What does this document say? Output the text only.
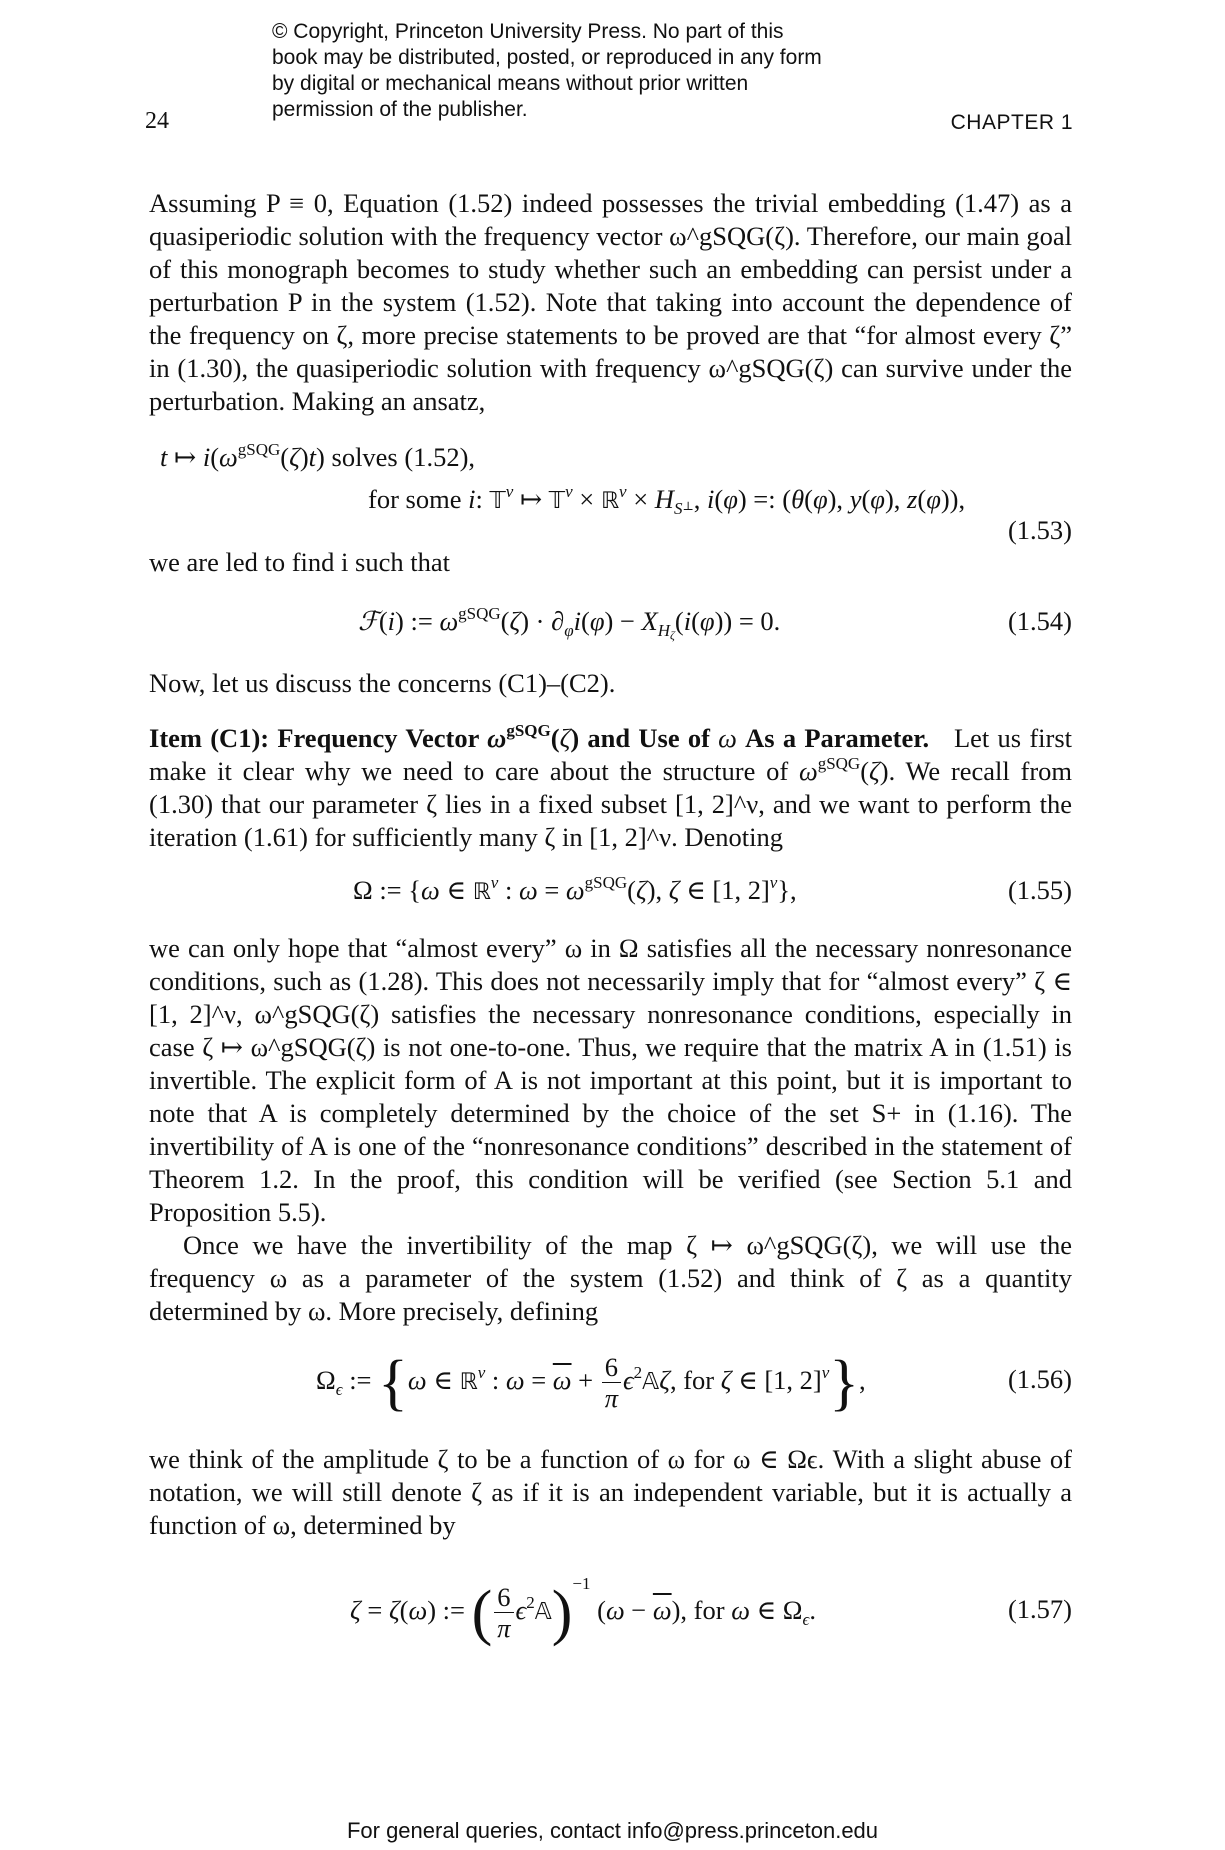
© Copyright, Princeton University Press. No part of this book may be distributed, posted, or reproduced in any form by digital or mechanical means without prior written permission of the publisher.
24	CHAPTER 1
Assuming P ≡ 0, Equation (1.52) indeed possesses the trivial embedding (1.47) as a quasiperiodic solution with the frequency vector ω^gSQG(ζ). Therefore, our main goal of this monograph becomes to study whether such an embedding can persist under a perturbation P in the system (1.52). Note that taking into account the dependence of the frequency on ζ, more precise statements to be proved are that “for almost every ζ” in (1.30), the quasiperiodic solution with frequency ω^gSQG(ζ) can survive under the perturbation. Making an ansatz,
t ↦ $i(\omega^{gSQG}(\zeta)t)$ solves (1.52),
for some i: 𝕋$^\nu$ ↦ 𝕋$^\nu$ × ℝ$^\nu$ × $H_{S^\perp}$, i(φ) =: (θ(φ), y(φ), z(φ)),
(1.53)
we are led to find i such that
ℱ(i) := $\omega^{gSQG}(\zeta) \cdot \partial_\varphi i(\varphi) - X_{H_\zeta}(i(\varphi)) = 0$.	(1.54)
Now, let us discuss the concerns (C1)–(C2).
Item (C1): Frequency Vector $\omega^{gSQG}(\zeta)$ and Use of ω As a Parameter. Let us first make it clear why we need to care about the structure of $\omega^{gSQG}(\zeta)$. We recall from (1.30) that our parameter ζ lies in a fixed subset [1, 2]^ν, and we want to perform the iteration (1.61) for sufficiently many ζ in [1, 2]^ν. Denoting
Ω := {ω ∈ ℝ$^\nu$ : $\omega = \omega^{gSQG}(\zeta)$, ζ ∈ [1, 2]$^\nu$},	(1.55)
we can only hope that “almost every” ω in Ω satisfies all the necessary nonresonance conditions, such as (1.28). This does not necessarily imply that for “almost every” ζ ∈ [1, 2]^ν, ω^gSQG(ζ) satisfies the necessary nonresonance conditions, especially in case ζ ↦ ω^gSQG(ζ) is not one-to-one. Thus, we require that the matrix A in (1.51) is invertible. The explicit form of A is not important at this point, but it is important to note that A is completely determined by the choice of the set S+ in (1.16). The invertibility of A is one of the “nonresonance conditions” described in the statement of Theorem 1.2. In the proof, this condition will be verified (see Section 5.1 and Proposition 5.5).
Once we have the invertibility of the map ζ ↦ ω^gSQG(ζ), we will use the frequency ω as a parameter of the system (1.52) and think of ζ as a quantity determined by ω. More precisely, defining
$\Omega_\epsilon$ := {ω ∈ ℝ$^\nu$ : $\omega = \overline{\omega} + \frac{6}{\pi}$ $\epsilon^2𝔸\zeta$, for ζ ∈ [1, 2]$^\nu$},	(1.56)
we think of the amplitude ζ to be a function of ω for ω ∈ Ωϵ. With a slight abuse of notation, we will still denote ζ as if it is an independent variable, but it is actually a function of ω, determined by
ζ = ζ(ω) := ( $\frac{6}{\pi}$ $\epsilon^2𝔸)^{-1}$ $(\omega - \overline{\omega})$, for ω ∈ $\Omega_\epsilon$.	(1.57)
For general queries, contact info@press.princeton.edu
